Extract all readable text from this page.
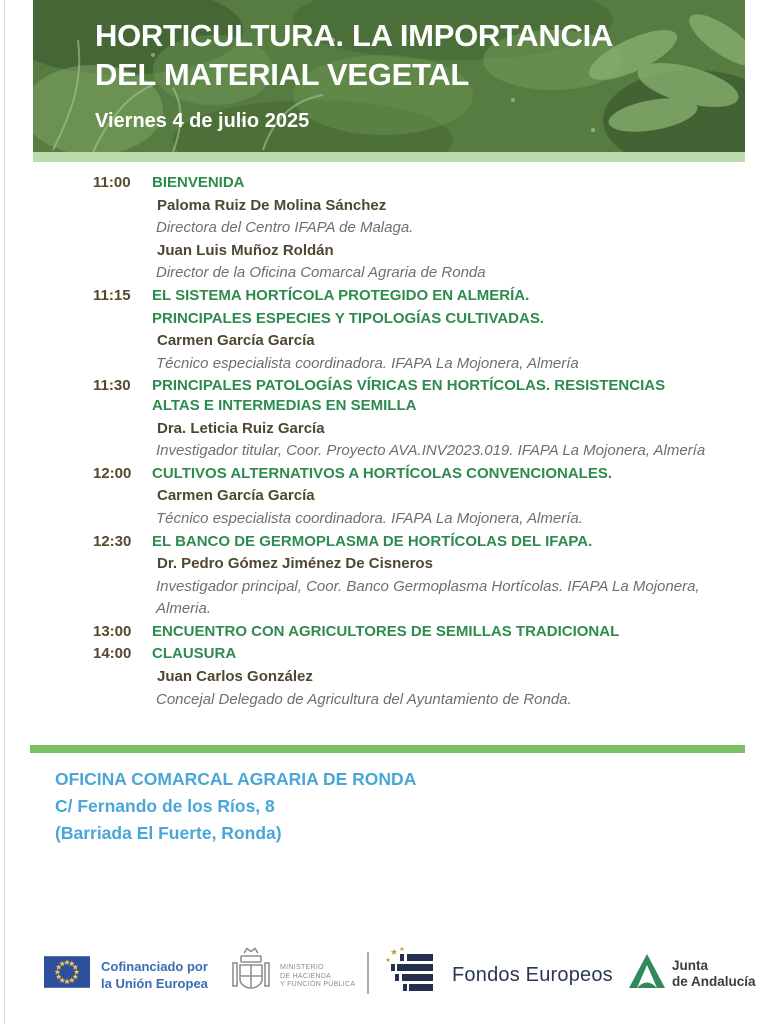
HORTICULTURA. LA IMPORTANCIA
DEL MATERIAL VEGETAL
Viernes 4 de julio 2025
11:00	BIENVENIDA
Paloma Ruiz De Molina Sánchez
Directora del Centro IFAPA de Malaga.
Juan Luis Muñoz Roldán
Director de la Oficina Comarcal Agraria de Ronda
11:15	EL SISTEMA HORTÍCOLA PROTEGIDO EN ALMERÍA.
PRINCIPALES ESPECIES Y TIPOLOGÍAS CULTIVADAS.
Carmen García García
Técnico especialista coordinadora. IFAPA La Mojonera, Almería
11:30	PRINCIPALES PATOLOGÍAS VÍRICAS EN HORTÍCOLAS. RESISTENCIAS
ALTAS E INTERMEDIAS EN SEMILLA
Dra. Leticia Ruiz García
Investigador titular, Coor. Proyecto AVA.INV2023.019. IFAPA La Mojonera, Almería
12:00	CULTIVOS ALTERNATIVOS A HORTÍCOLAS CONVENCIONALES.
Carmen García García
Técnico especialista coordinadora. IFAPA La Mojonera, Almería.
12:30	EL BANCO DE GERMOPLASMA DE HORTÍCOLAS DEL IFAPA.
Dr. Pedro Gómez Jiménez De Cisneros
Investigador principal, Coor. Banco Germoplasma Hortícolas. IFAPA La Mojonera, Almeria.
13:00	ENCUENTRO CON AGRICULTORES DE SEMILLAS TRADICIONAL
14:00	CLAUSURA
Juan Carlos González
Concejal Delegado de Agricultura del Ayuntamiento de Ronda.
OFICINA COMARCAL AGRARIA DE RONDA
C/ Fernando de los Ríos, 8
(Barriada El Fuerte, Ronda)
Cofinanciado por
la Unión Europea
MINISTERIO
DE HACIENDA
Y FUNCIÓN PÚBLICA	Fondos Europeos	Junta
de Andalucía
